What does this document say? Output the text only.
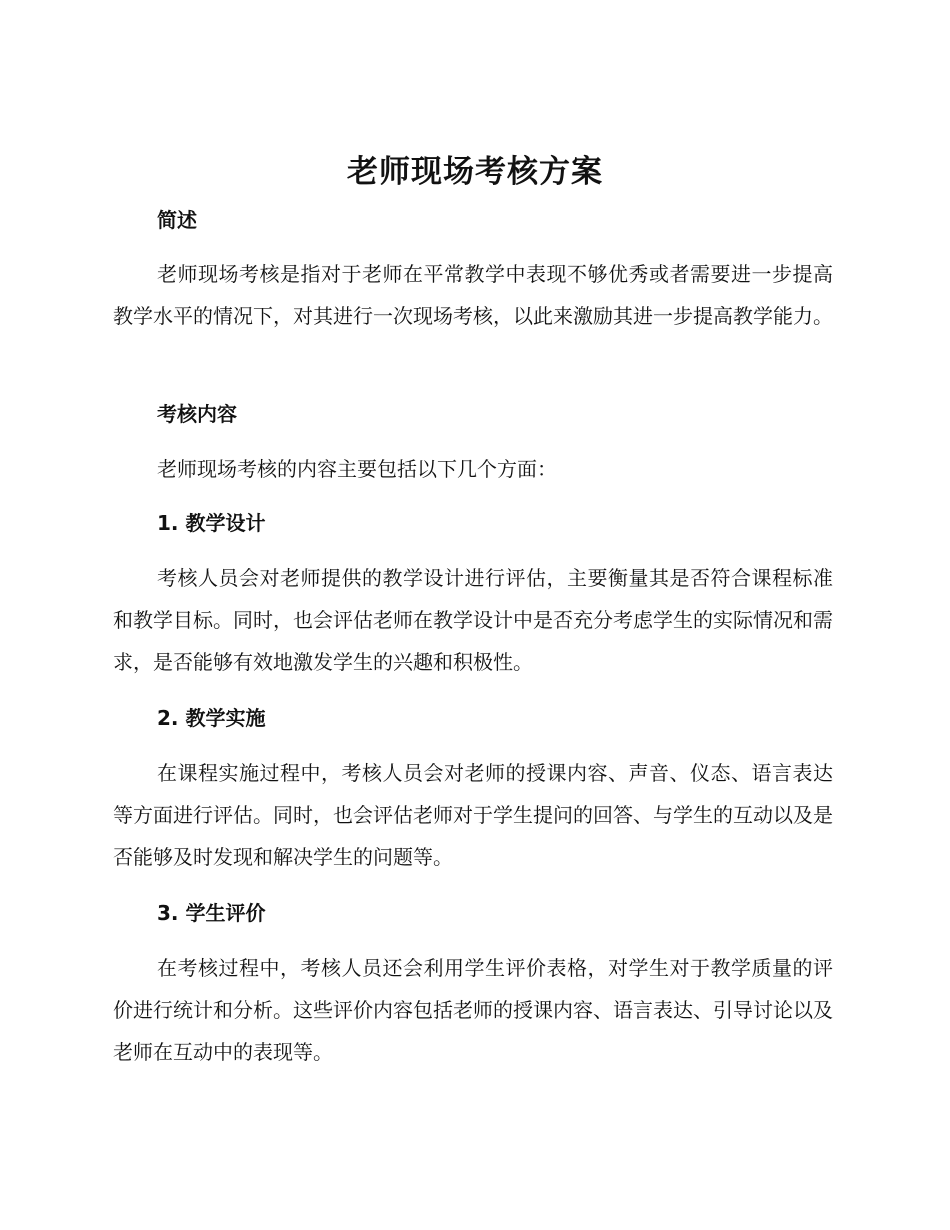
老师现场考核方案
简述

老师现场考核是指对于老师在平常教学中表现不够优秀或者需要进一步提高教学水平的情况下，对其进行一次现场考核，以此来激励其进一步提高教学能力。

考核内容

老师现场考核的内容主要包括以下几个方面：

1. 教学设计

考核人员会对老师提供的教学设计进行评估，主要衡量其是否符合课程标准和教学目标。同时，也会评估老师在教学设计中是否充分考虑学生的实际情况和需求，是否能够有效地激发学生的兴趣和积极性。

2. 教学实施

在课程实施过程中，考核人员会对老师的授课内容、声音、仪态、语言表达等方面进行评估。同时，也会评估老师对于学生提问的回答、与学生的互动以及是否能够及时发现和解决学生的问题等。

3. 学生评价

在考核过程中，考核人员还会利用学生评价表格，对学生对于教学质量的评价进行统计和分析。这些评价内容包括老师的授课内容、语言表达、引导讨论以及老师在互动中的表现等。
